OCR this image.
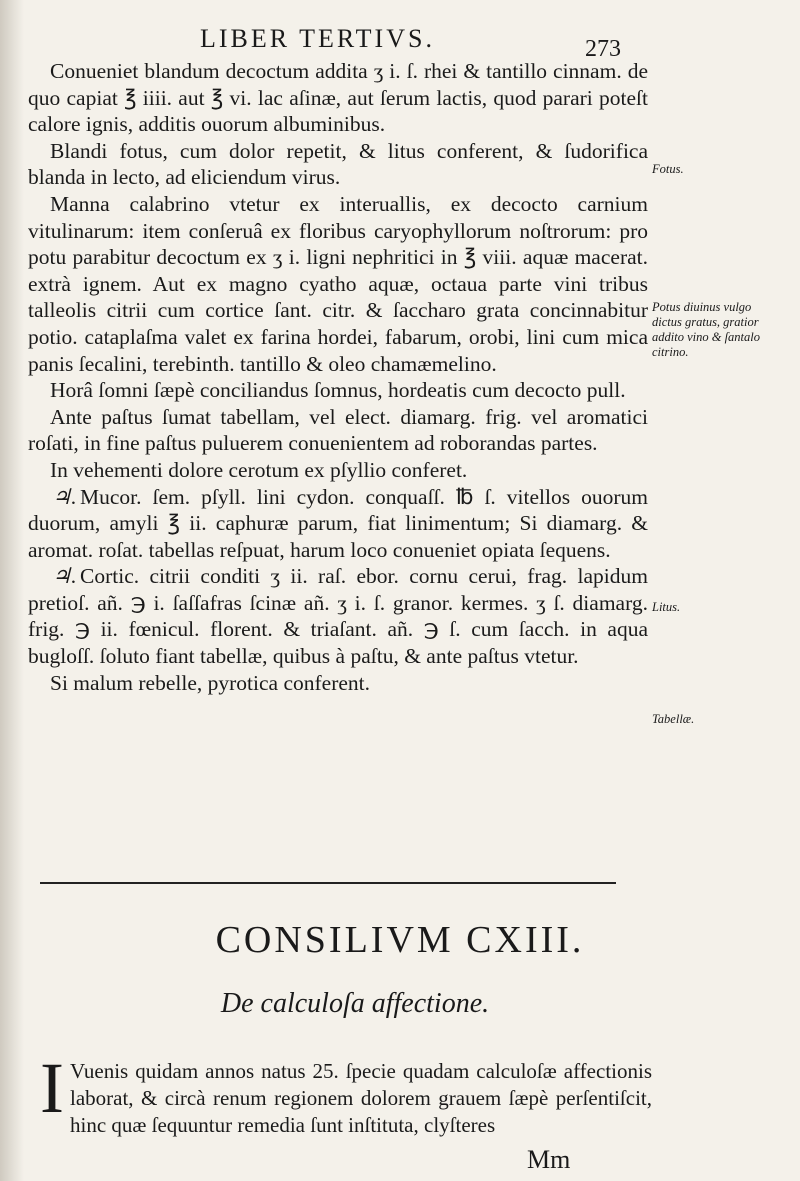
LIBER TERTIVS.	273

Conueniet blandum decoctum addita ʒ i. ſ. rhei & tantillo cinnam. de quo capiat ℥ iiii. aut ℥ vi. lac aſinæ, aut ſerum lactis, quod parari poteſt calore ignis, additis ouorum albuminibus.

Blandi fotus, cum dolor repetit, & litus conferent, & ſudorifica blanda in lecto, ad eliciendum virus.

Manna calabrino vtetur ex interuallis, ex decocto carnium vitulinarum: item conſeruâ ex floribus caryophyllorum noſtrorum: pro potu parabitur decoctum ex ʒ i. ligni nephritici in ℥ viii. aquæ macerat. extrà ignem. Aut ex magno cyatho aquæ, octaua parte vini tribus talleolis citrii cum cortice ſant. citr. & ſaccharo grata concinnabitur potio. cataplaſma valet ex farina hordei, fabarum, orobi, lini cum mica panis ſecalini, terebinth. tantillo & oleo chamæmelino.

Horâ ſomni ſæpè conciliandus ſomnus, hordeatis cum decocto pull.

Ante paſtus ſumat tabellam, vel elect. diamarg. frig. vel aromatici roſati, in fine paſtus puluerem conuenientem ad roborandas partes.

In vehementi dolore cerotum ex pſyllio conferet.

♃. Mucor. ſem. pſyll. lini cydon. conquaſſ. ℔ ſ. vitellos ouorum duorum, amyli ℥ ii. caphuræ parum, fiat linimentum; Si diamarg. & aromat. roſat. tabellas reſpuat, harum loco conueniet opiata ſequens.

♃. Cortic. citrii conditi ʒ ii. raſ. ebor. cornu cerui, frag. lapidum pretioſ. añ. ℈ i. ſaſſafras ſcinæ añ. ʒ i. ſ. granor. kermes. ʒ ſ. diamarg. frig. ℈ ii. fœnicul. florent. & triaſant. añ. ℈ ſ. cum ſacch. in aqua bugloſſ. ſoluto fiant tabellæ, quibus à paſtu, & ante paſtus vtetur.

Si malum rebelle, pyrotica conferent.

Fotus.
Potus diuinus vulgo dictus gratus, gratior addito vino & ſantalo citrino.
Litus.
Tabellæ.
CONSILIVM CXIII.
De calculoſa affectione.
I Vuenis quidam annos natus 25. ſpecie quadam calculoſæ affectionis laborat, & circà renum regionem dolorem grauem ſæpè perſentiſcit, hinc quæ ſequuntur remedia ſunt inſtituta, clyſteres
Mm
